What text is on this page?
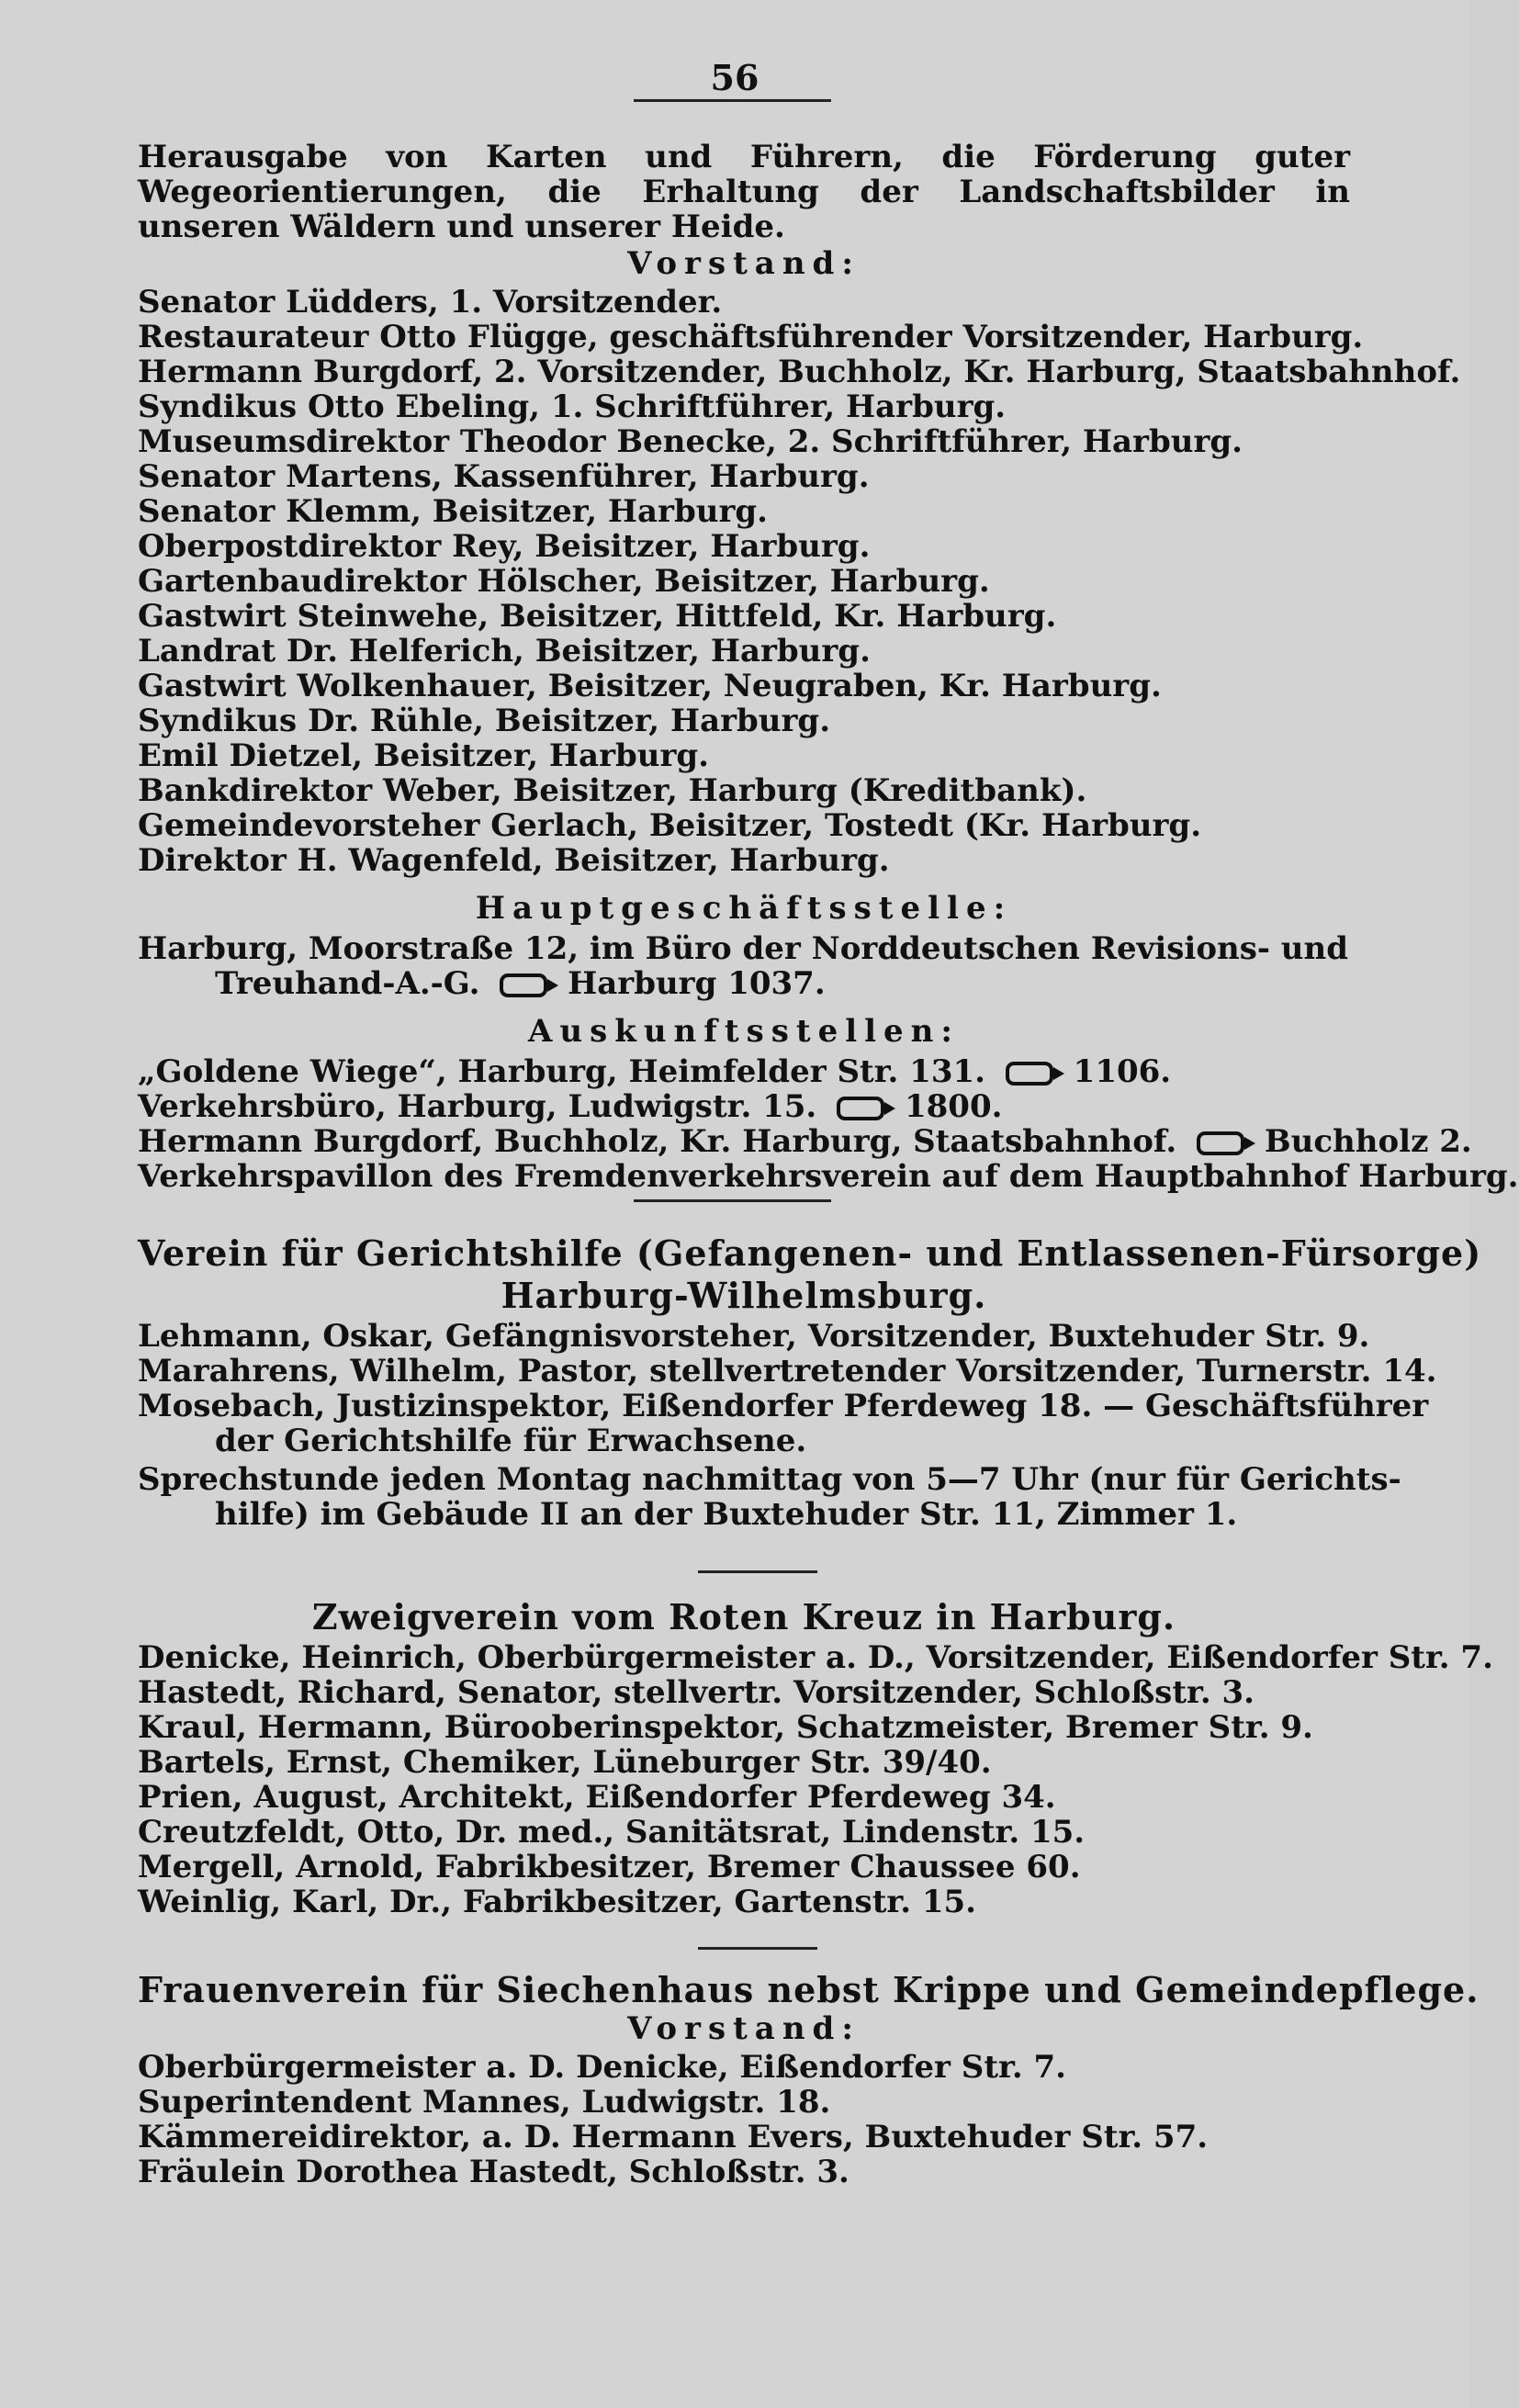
56

Herausgabe von Karten und Führern, die Förderung guter Wegeorientierungen, die Erhaltung der Landschaftsbilder in unseren Wäldern und unserer Heide.

Vorstand:

Senator Lüdders, 1. Vorsitzender.

Restaurateur Otto Flügge, geschäftsführender Vorsitzender, Harburg.

Hermann Burgdorf, 2. Vorsitzender, Buchholz, Kr. Harburg, Staatsbahnhof.

Syndikus Otto Ebeling, 1. Schriftführer, Harburg.

Museumsdirektor Theodor Benecke, 2. Schriftführer, Harburg.

Senator Martens, Kassenführer, Harburg.

Senator Klemm, Beisitzer, Harburg.

Oberpostdirektor Rey, Beisitzer, Harburg.

Gartenbaudirektor Hölscher, Beisitzer, Harburg.

Gastwirt Steinwehe, Beisitzer, Hittfeld, Kr. Harburg.

Landrat Dr. Helferich, Beisitzer, Harburg.

Gastwirt Wolkenhauer, Beisitzer, Neugraben, Kr. Harburg.

Syndikus Dr. Rühle, Beisitzer, Harburg.

Emil Dietzel, Beisitzer, Harburg.

Bankdirektor Weber, Beisitzer, Harburg (Kreditbank).

Gemeindevorsteher Gerlach, Beisitzer, Tostedt (Kr. Harburg.

Direktor H. Wagenfeld, Beisitzer, Harburg.

Hauptgeschäftsstelle:

Harburg, Moorstraße 12, im Büro der Norddeutschen Revisions- und

Treuhand-A.-G.	Harburg 1037.

Auskunftsstellen:

„Goldene Wiege“, Harburg, Heimfelder Str. 131.	1106.

Verkehrsbüro, Harburg, Ludwigstr. 15.	1800.

Hermann Burgdorf, Buchholz, Kr. Harburg, Staatsbahnhof.	Buchholz 2.

Verkehrspavillon des Fremdenverkehrsverein auf dem Hauptbahnhof Harburg.

Verein für Gerichtshilfe (Gefangenen- und Entlassenen-Fürsorge)

Harburg-Wilhelmsburg.

Lehmann, Oskar, Gefängnisvorsteher, Vorsitzender, Buxtehuder Str. 9.

Marahrens, Wilhelm, Pastor, stellvertretender Vorsitzender, Turnerstr. 14.

Mosebach, Justizinspektor, Eißendorfer Pferdeweg 18. — Geschäftsführer

der Gerichtshilfe für Erwachsene.

Sprechstunde jeden Montag nachmittag von 5—7 Uhr (nur für Gerichts-

hilfe) im Gebäude II an der Buxtehuder Str. 11, Zimmer 1.

Zweigverein vom Roten Kreuz in Harburg.

Denicke, Heinrich, Oberbürgermeister a. D., Vorsitzender, Eißendorfer Str. 7.

Hastedt, Richard, Senator, stellvertr. Vorsitzender, Schloßstr. 3.

Kraul, Hermann, Bürooberinspektor, Schatzmeister, Bremer Str. 9.

Bartels, Ernst, Chemiker, Lüneburger Str. 39/40.

Prien, August, Architekt, Eißendorfer Pferdeweg 34.

Creutzfeldt, Otto, Dr. med., Sanitätsrat, Lindenstr. 15.

Mergell, Arnold, Fabrikbesitzer, Bremer Chaussee 60.

Weinlig, Karl, Dr., Fabrikbesitzer, Gartenstr. 15.

Frauenverein für Siechenhaus nebst Krippe und Gemeindepflege.

Vorstand:

Oberbürgermeister a. D. Denicke, Eißendorfer Str. 7.

Superintendent Mannes, Ludwigstr. 18.

Kämmereidirektor, a. D. Hermann Evers, Buxtehuder Str. 57.

Fräulein Dorothea Hastedt, Schloßstr. 3.
